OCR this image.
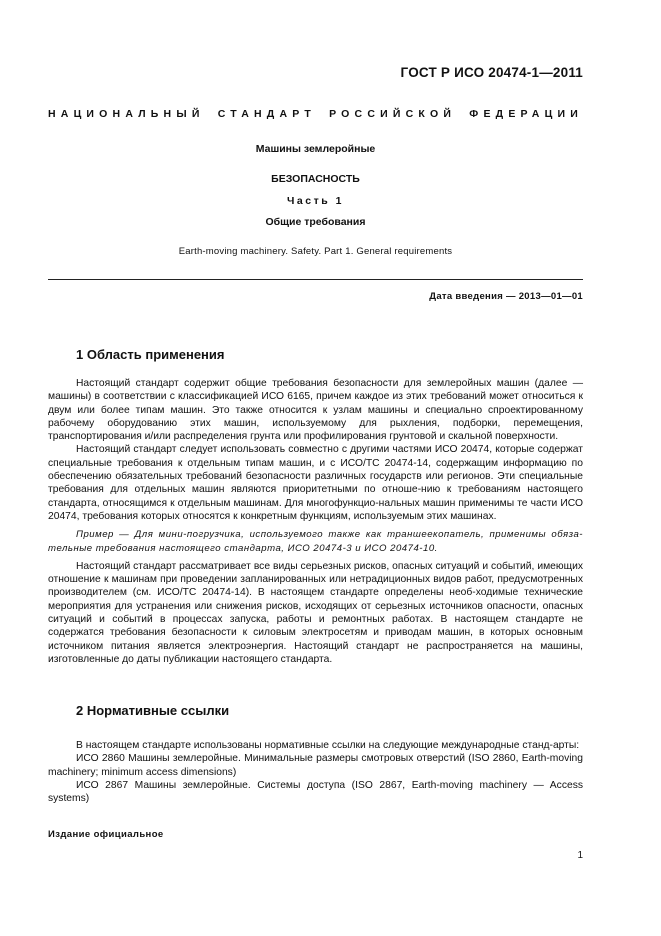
ГОСТ Р ИСО 20474-1—2011
НАЦИОНАЛЬНЫЙ СТАНДАРТ РОССИЙСКОЙ ФЕДЕРАЦИИ
Машины землеройные
БЕЗОПАСНОСТЬ
Часть 1
Общие требования
Earth-moving machinery. Safety. Part 1. General requirements
Дата введения — 2013—01—01
1 Область применения

Настоящий стандарт содержит общие требования безопасности для землеройных машин (далее — машины) в соответствии с классификацией ИСО 6165, причем каждое из этих требований может относиться к двум или более типам машин. Это также относится к узлам машины и специально спроектированному рабочему оборудованию этих машин, используемому для рыхления, подборки, перемещения, транспортирования и/или распределения грунта или профилирования грунтовой и скальной поверхности.

Настоящий стандарт следует использовать совместно с другими частями ИСО 20474, которые содержат специальные требования к отдельным типам машин, и с ИСО/ТС 20474-14, содержащим информацию по обеспечению обязательных требований безопасности различных государств или регионов. Эти специальные требования для отдельных машин являются приоритетными по отноше-нию к требованиям настоящего стандарта, относящимся к отдельным машинам. Для многофункцио-нальных машин применимы те части ИСО 20474, требования которых относятся к конкретным функциям, используемым этих машинах.

Пример — Для мини-погрузчика, используемого также как траншеекопатель, применимы обяза-тельные требования настоящего стандарта, ИСО 20474-3 и ИСО 20474-10.

Настоящий стандарт рассматривает все виды серьезных рисков, опасных ситуаций и событий, имеющих отношение к машинам при проведении запланированных или нетрадиционных видов работ, предусмотренных производителем (см. ИСО/ТС 20474-14). В настоящем стандарте определены необ-ходимые технические мероприятия для устранения или снижения рисков, исходящих от серьезных источников опасности, опасных ситуаций и событий в процессах запуска, работы и ремонтных работах. В настоящем стандарте не содержатся требования безопасности к силовым электросетям и приводам машин, в которых основным источником питания является электроэнергия. Настоящий стандарт не распространяется на машины, изготовленные до даты публикации настоящего стандарта.

2 Нормативные ссылки

В настоящем стандарте использованы нормативные ссылки на следующие международные станд-арты:

ИСО 2860 Машины землеройные. Минимальные размеры смотровых отверстий (ISO 2860, Earth-moving machinery; minimum access dimensions)

ИСО 2867 Машины землеройные. Системы доступа (ISO 2867, Earth-moving machinery — Access systems)

Издание официальное
1
